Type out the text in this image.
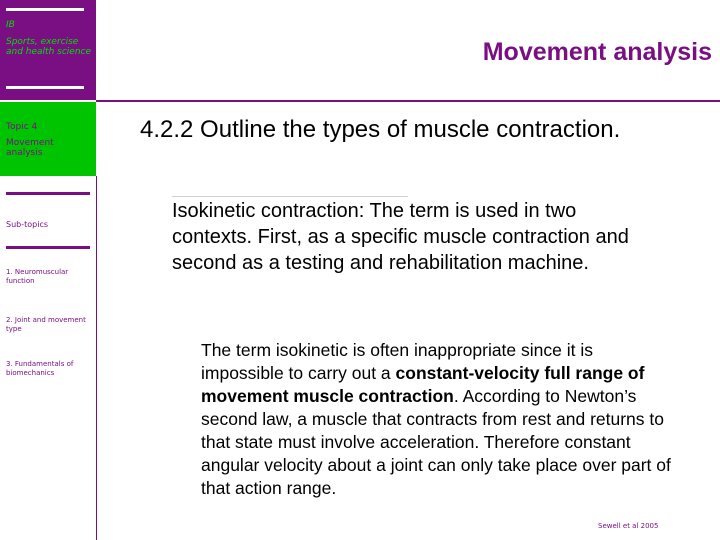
IB
Sports, exercise and health science
Topic 4
Movement analysis
Sub-topics
1. Neuromuscular function
2. Joint and movement type
3. Fundamentals of biomechanics
Movement analysis
4.2.2 Outline the types of muscle contraction.
Isokinetic contraction: The term is used in two contexts. First, as a specific muscle contraction and second as a testing and rehabilitation machine.
The term isokinetic is often inappropriate since it is impossible to carry out a constant-velocity full range of movement muscle contraction. According to Newton’s second law, a muscle that contracts from rest and returns to that state must involve acceleration. Therefore constant angular velocity about a joint can only take place over part of that action range.
Sewell et al 2005
